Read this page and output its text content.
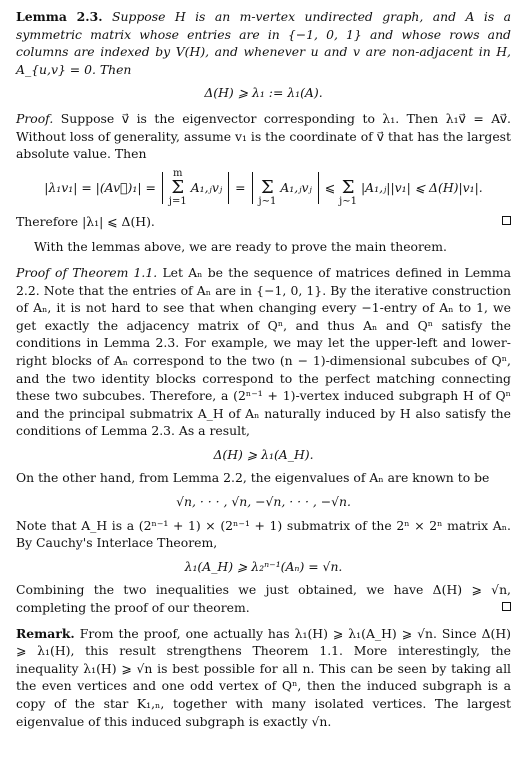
Lemma 2.3. Suppose H is an m-vertex undirected graph, and A is a symmetric matrix whose entries are in {−1, 0, 1} and whose rows and columns are indexed by V(H), and whenever u and v are non-adjacent in H, A_{u,v} = 0. Then

Δ(H) ⩾ λ₁ := λ₁(A).

Proof. Suppose v⃗ is the eigenvector corresponding to λ₁. Then λ₁v⃗ = Av⃗. Without loss of generality, assume v₁ is the coordinate of v⃗ that has the largest absolute value. Then

|λ₁v₁| = |(Av⃗)₁| =
m
Σ
j=1
A₁,ⱼvⱼ =
Σ
j∼1
A₁,ⱼvⱼ ⩽
Σ
j∼1
|A₁,ⱼ||v₁| ⩽ Δ(H)|v₁|.

Therefore |λ₁| ⩽ Δ(H).

With the lemmas above, we are ready to prove the main theorem.

Proof of Theorem 1.1. Let Aₙ be the sequence of matrices defined in Lemma 2.2. Note that the entries of Aₙ are in {−1, 0, 1}. By the iterative construction of Aₙ, it is not hard to see that when changing every −1-entry of Aₙ to 1, we get exactly the adjacency matrix of Qⁿ, and thus Aₙ and Qⁿ satisfy the conditions in Lemma 2.3. For example, we may let the upper-left and lower-right blocks of Aₙ correspond to the two (n − 1)-dimensional subcubes of Qⁿ, and the two identity blocks correspond to the perfect matching connecting these two subcubes. Therefore, a (2ⁿ⁻¹ + 1)-vertex induced subgraph H of Qⁿ and the principal submatrix A_H of Aₙ naturally induced by H also satisfy the conditions of Lemma 2.3. As a result,

Δ(H) ⩾ λ₁(A_H).

On the other hand, from Lemma 2.2, the eigenvalues of Aₙ are known to be

√n, · · · , √n, −√n, · · · , −√n.

Note that A_H is a (2ⁿ⁻¹ + 1) × (2ⁿ⁻¹ + 1) submatrix of the 2ⁿ × 2ⁿ matrix Aₙ. By Cauchy's Interlace Theorem,

λ₁(A_H) ⩾ λ₂ⁿ⁻¹(Aₙ) = √n.

Combining the two inequalities we just obtained, we have Δ(H) ⩾ √n, completing the proof of our theorem.

Remark. From the proof, one actually has λ₁(H) ⩾ λ₁(A_H) ⩾ √n. Since Δ(H) ⩾ λ₁(H), this result strengthens Theorem 1.1. More interestingly, the inequality λ₁(H) ⩾ √n is best possible for all n. This can be seen by taking all the even vertices and one odd vertex of Qⁿ, then the induced subgraph is a copy of the star K₁,ₙ, together with many isolated vertices. The largest eigenvalue of this induced subgraph is exactly √n.
